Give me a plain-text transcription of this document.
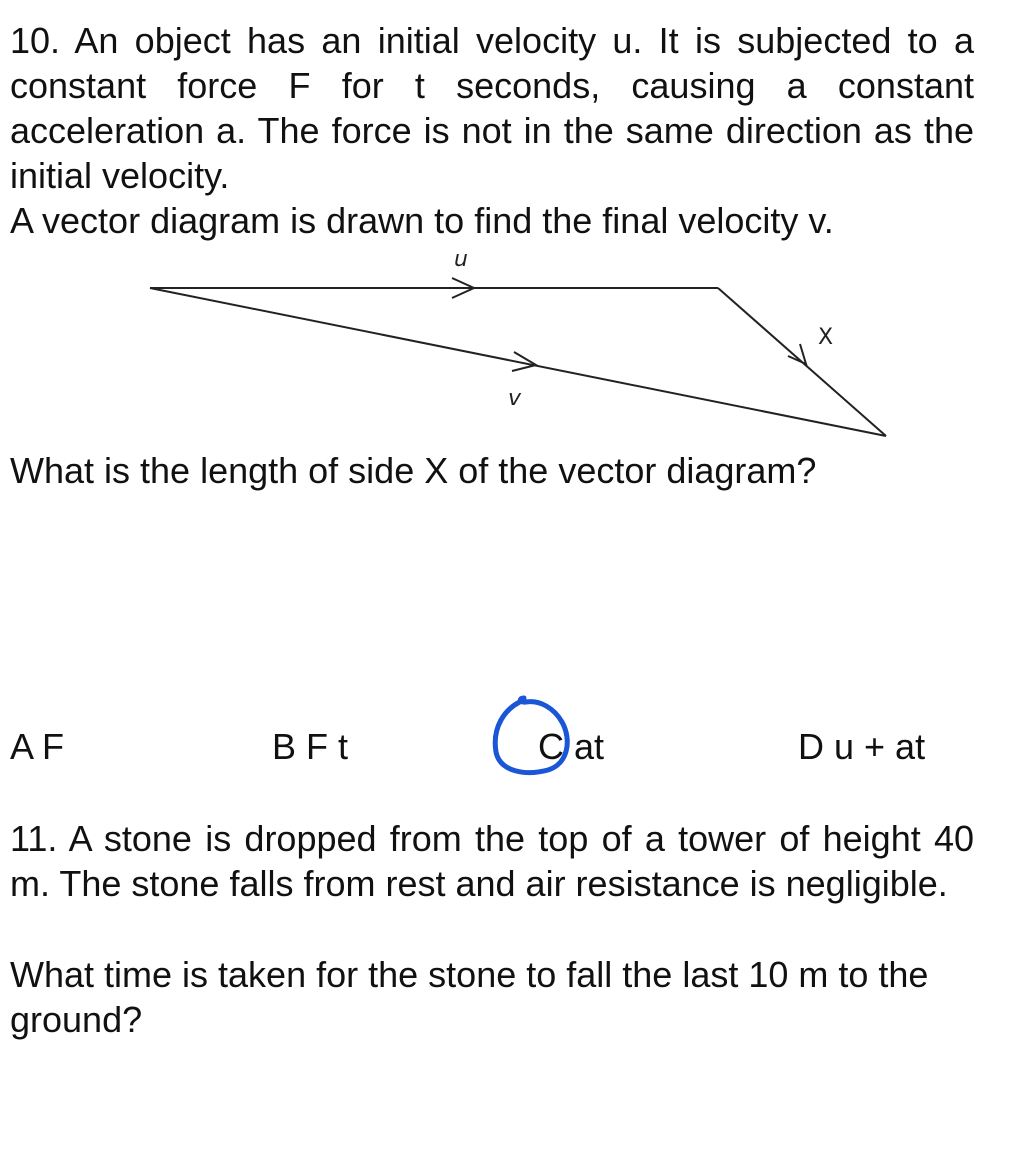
10. An object has an initial velocity u. It is subjected to a constant force F for t seconds, causing a constant acceleration a. The force is not in the same direction as the initial velocity.

A vector diagram is drawn to find the final velocity v.

u
v
X

What is the length of side X of the vector diagram?

A F	B F t	C at	D u + at

11. A stone is dropped from the top of a tower of height 40 m. The stone falls from rest and air resistance is negligible.

What time is taken for the stone to fall the last 10 m to the ground?
